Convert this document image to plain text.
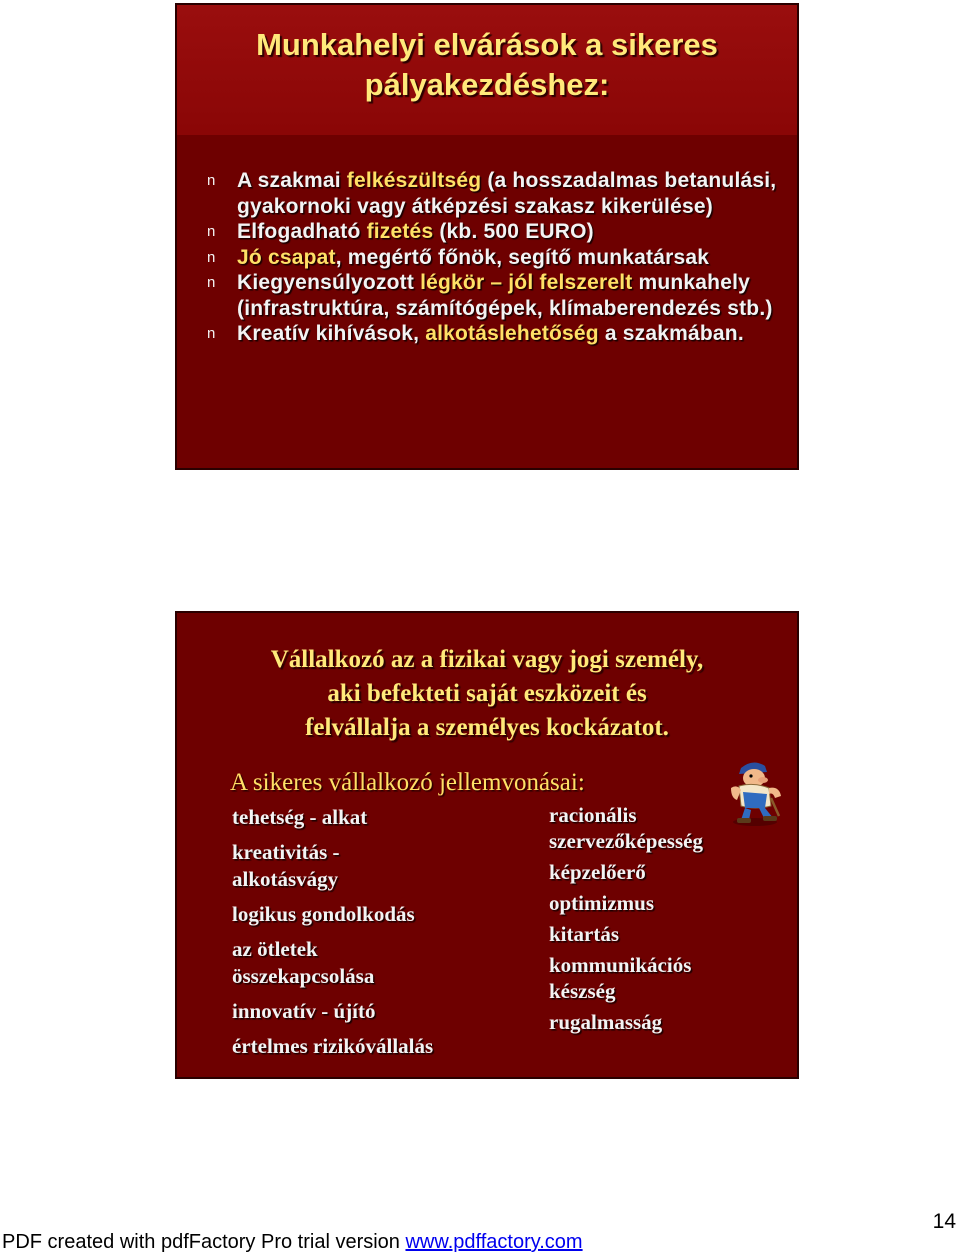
Munkahelyi elvárások a sikeres
pályakezdéshez:
n A szakmai felkészültség (a hosszadalmas betanulási, gyakornoki vagy átképzési szakasz kikerülése)
n Elfogadható fizetés (kb. 500 EURO)
n Jó csapat, megértő főnök, segítő munkatársak
n Kiegyensúlyozott légkör – jól felszerelt munkahely (infrastruktúra, számítógépek, klímaberendezés stb.)
n Kreatív kihívások, alkotáslehetőség a szakmában.
Vállalkozó az a fizikai vagy jogi személy,
aki befekteti saját eszközeit és
felvállalja a személyes kockázatot.
A sikeres vállalkozó jellemvonásai:
tehetség - alkat
kreativitás - alkotásvágy
logikus gondolkodás
az ötletek összekapcsolása
innovatív - újító
értelmes rizikóvállalás
racionális szervezőképesség
képzelőerő
optimizmus
kitartás
kommunikációs készség
rugalmasság
14
PDF created with pdfFactory Pro trial version www.pdffactory.com
